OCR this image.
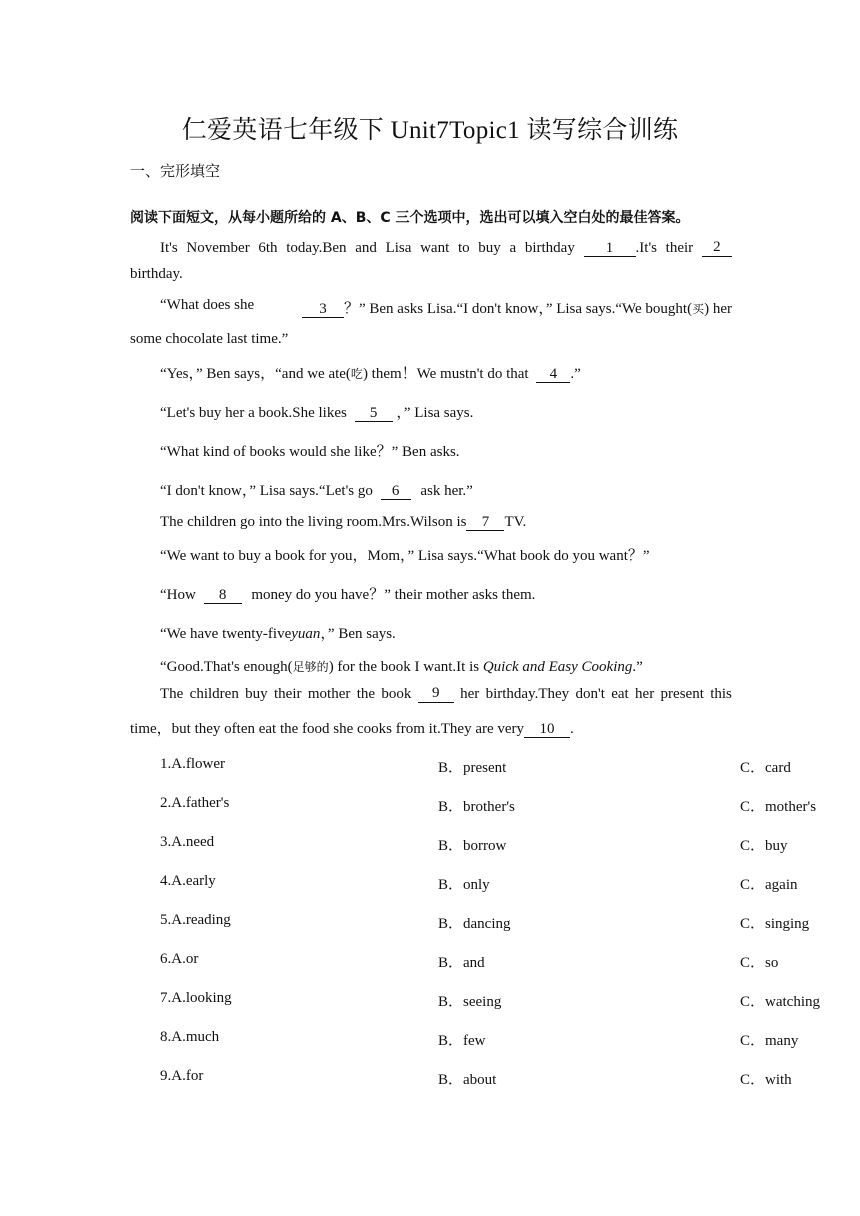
仁爱英语七年级下 Unit7Topic1 读写综合训练
一、完形填空
阅读下面短文，从每小题所给的 A、B、C 三个选项中，选出可以填入空白处的最佳答案。
It's November 6th today.Ben and Lisa want to buy a birthday	1 .It's their	2
birthday.
“What does she	3 ？” Ben asks Lisa.“I don't know，” Lisa says.“We bought(买) her
some chocolate last time.”
“Yes，” Ben says，“and we ate(吃) them！We mustn't do that 4 .”
“Let's buy her a book.She likes 5 ，” Lisa says.
“What kind of books would she like？” Ben asks.
“I don't know，” Lisa says.“Let's go 6 ask her.”
The children go into the living room.Mrs.Wilson is 7 TV.
“We want to buy a book for you，Mom，” Lisa says.“What book do you want？”
“How 8 money do you have？” their mother asks them.
“We have twenty-fiveyuan，” Ben says.
“Good.That's enough(足够的) for the book I want.It is Quick and Easy Cooking.”
The children buy their mother the book	9	her birthday.They don't eat her present this
time，but they often eat the food she cooks from it.They are very 10 .
1.A.flower	B．present	C．card
2.A.father's	B．brother's	C．mother's
3.A.need	B．borrow	C．buy
4.A.early	B．only	C．again
5.A.reading	B．dancing	C．singing
6.A.or	B．and	C．so
7.A.looking	B．seeing	C．watching
8.A.much	B．few	C．many
9.A.for	B．about	C．with
